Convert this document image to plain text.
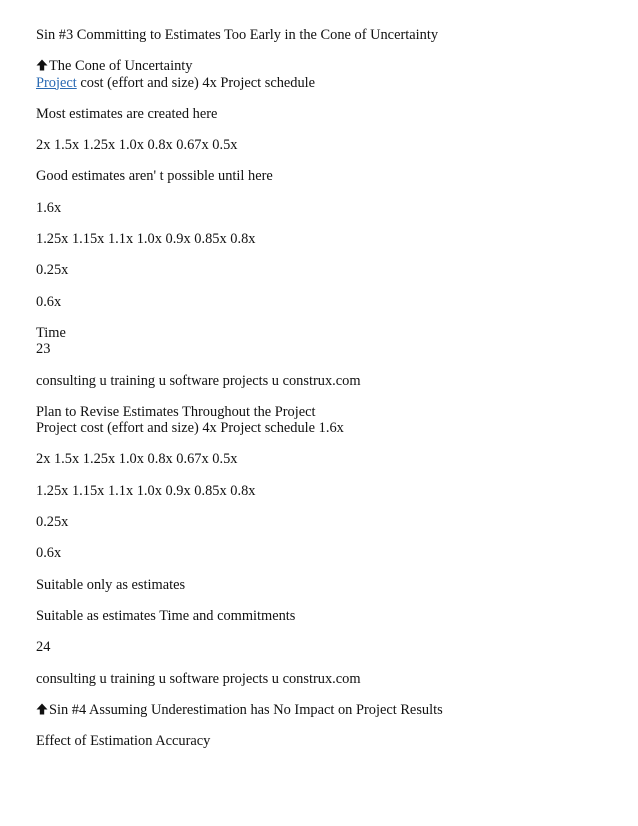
Sin #3 Committing to Estimates Too Early in the Cone of Uncertainty

The Cone of Uncertainty
Project cost (effort and size) 4x Project schedule

Most estimates are created here

2x 1.5x 1.25x 1.0x 0.8x 0.67x 0.5x

Good estimates aren' t possible until here

1.6x

1.25x 1.15x 1.1x 1.0x 0.9x 0.85x 0.8x

0.25x

0.6x

Time
23

consulting u training u software projects u construx.com

Plan to Revise Estimates Throughout the Project
Project cost (effort and size) 4x Project schedule 1.6x

2x 1.5x 1.25x 1.0x 0.8x 0.67x 0.5x

1.25x 1.15x 1.1x 1.0x 0.9x 0.85x 0.8x

0.25x

0.6x

Suitable only as estimates

Suitable as estimates Time and commitments

24

consulting u training u software projects u construx.com

Sin #4 Assuming Underestimation has No Impact on Project Results

Effect of Estimation Accuracy
